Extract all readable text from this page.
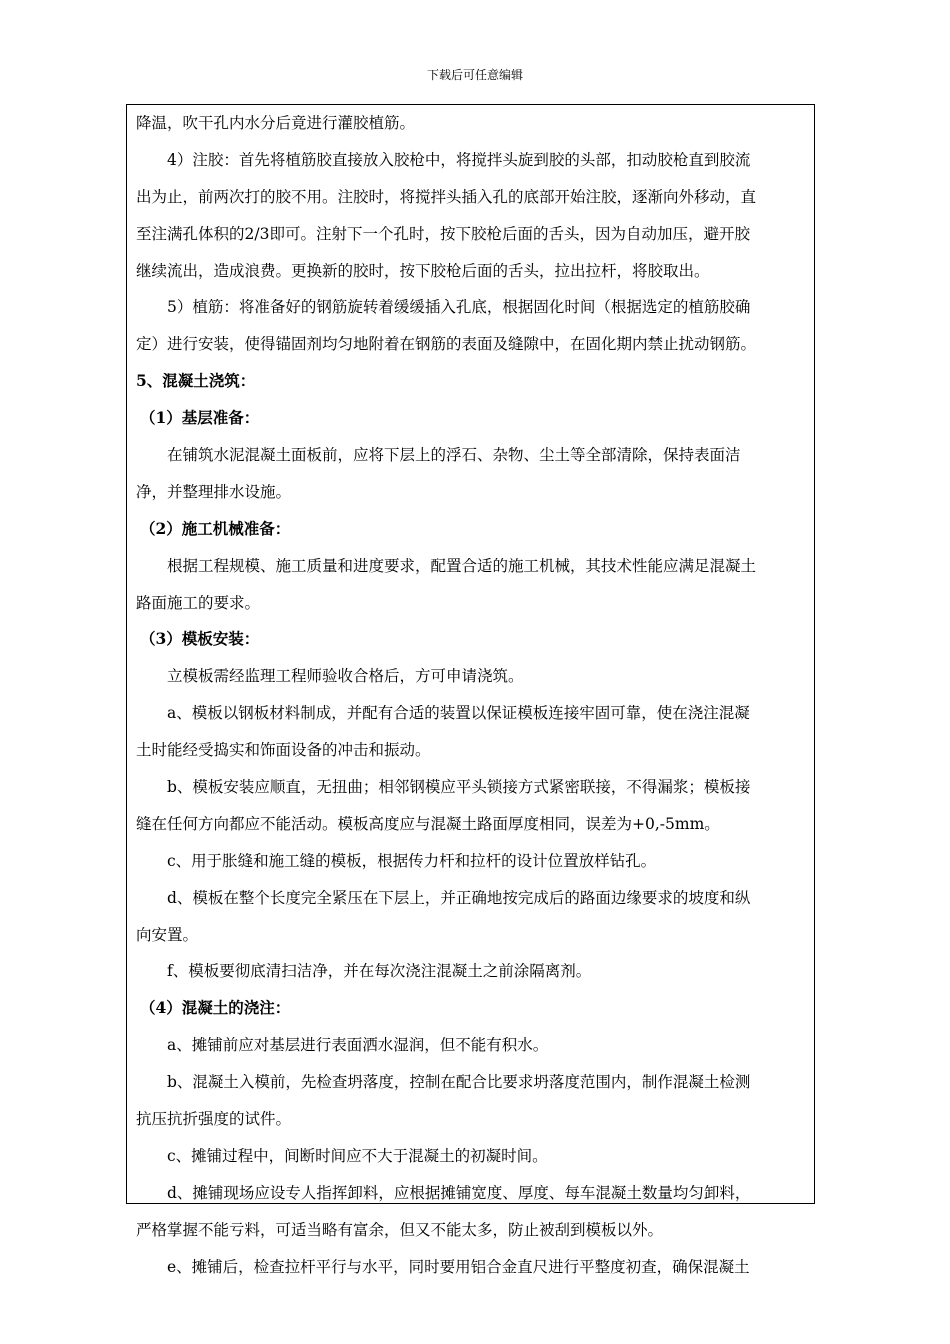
下载后可任意编辑
降温，吹干孔内水分后竟进行灌胶植筋。
4）注胶：首先将植筋胶直接放入胶枪中，将搅拌头旋到胶的头部，扣动胶枪直到胶流
出为止，前两次打的胶不用。注胶时，将搅拌头插入孔的底部开始注胶，逐渐向外移动，直
至注满孔体积的2/3即可。注射下一个孔时，按下胶枪后面的舌头，因为自动加压，避开胶
继续流出，造成浪费。更换新的胶时，按下胶枪后面的舌头，拉出拉杆，将胶取出。
5）植筋：将准备好的钢筋旋转着缓缓插入孔底，根据固化时间（根据选定的植筋胶确
定）进行安装，使得锚固剂均匀地附着在钢筋的表面及缝隙中，在固化期内禁止扰动钢筋。
5、混凝土浇筑：
（1）基层准备：
在铺筑水泥混凝土面板前，应将下层上的浮石、杂物、尘土等全部清除，保持表面洁
净，并整理排水设施。
（2）施工机械准备：
根据工程规模、施工质量和进度要求，配置合适的施工机械，其技术性能应满足混凝土
路面施工的要求。
（3）模板安装：
立模板需经监理工程师验收合格后，方可申请浇筑。
a、模板以钢板材料制成，并配有合适的装置以保证模板连接牢固可靠，使在浇注混凝
土时能经受捣实和饰面设备的冲击和振动。
b、模板安装应顺直，无扭曲；相邻钢模应平头锁接方式紧密联接，不得漏浆；模板接
缝在任何方向都应不能活动。模板高度应与混凝土路面厚度相同，误差为+0,-5mm。
c、用于胀缝和施工缝的模板，根据传力杆和拉杆的设计位置放样钻孔。
d、模板在整个长度完全紧压在下层上，并正确地按完成后的路面边缘要求的坡度和纵
向安置。
f、模板要彻底清扫洁净，并在每次浇注混凝土之前涂隔离剂。
（4）混凝土的浇注：
a、摊铺前应对基层进行表面洒水湿润，但不能有积水。
b、混凝土入模前，先检查坍落度，控制在配合比要求坍落度范围内，制作混凝土检测
抗压抗折强度的试件。
c、摊铺过程中，间断时间应不大于混凝土的初凝时间。
d、摊铺现场应设专人指挥卸料，应根据摊铺宽度、厚度、每车混凝土数量均匀卸料，
严格掌握不能亏料，可适当略有富余，但又不能太多，防止被刮到模板以外。
e、摊铺后，检查拉杆平行与水平，同时要用铝合金直尺进行平整度初查，确保混凝土
